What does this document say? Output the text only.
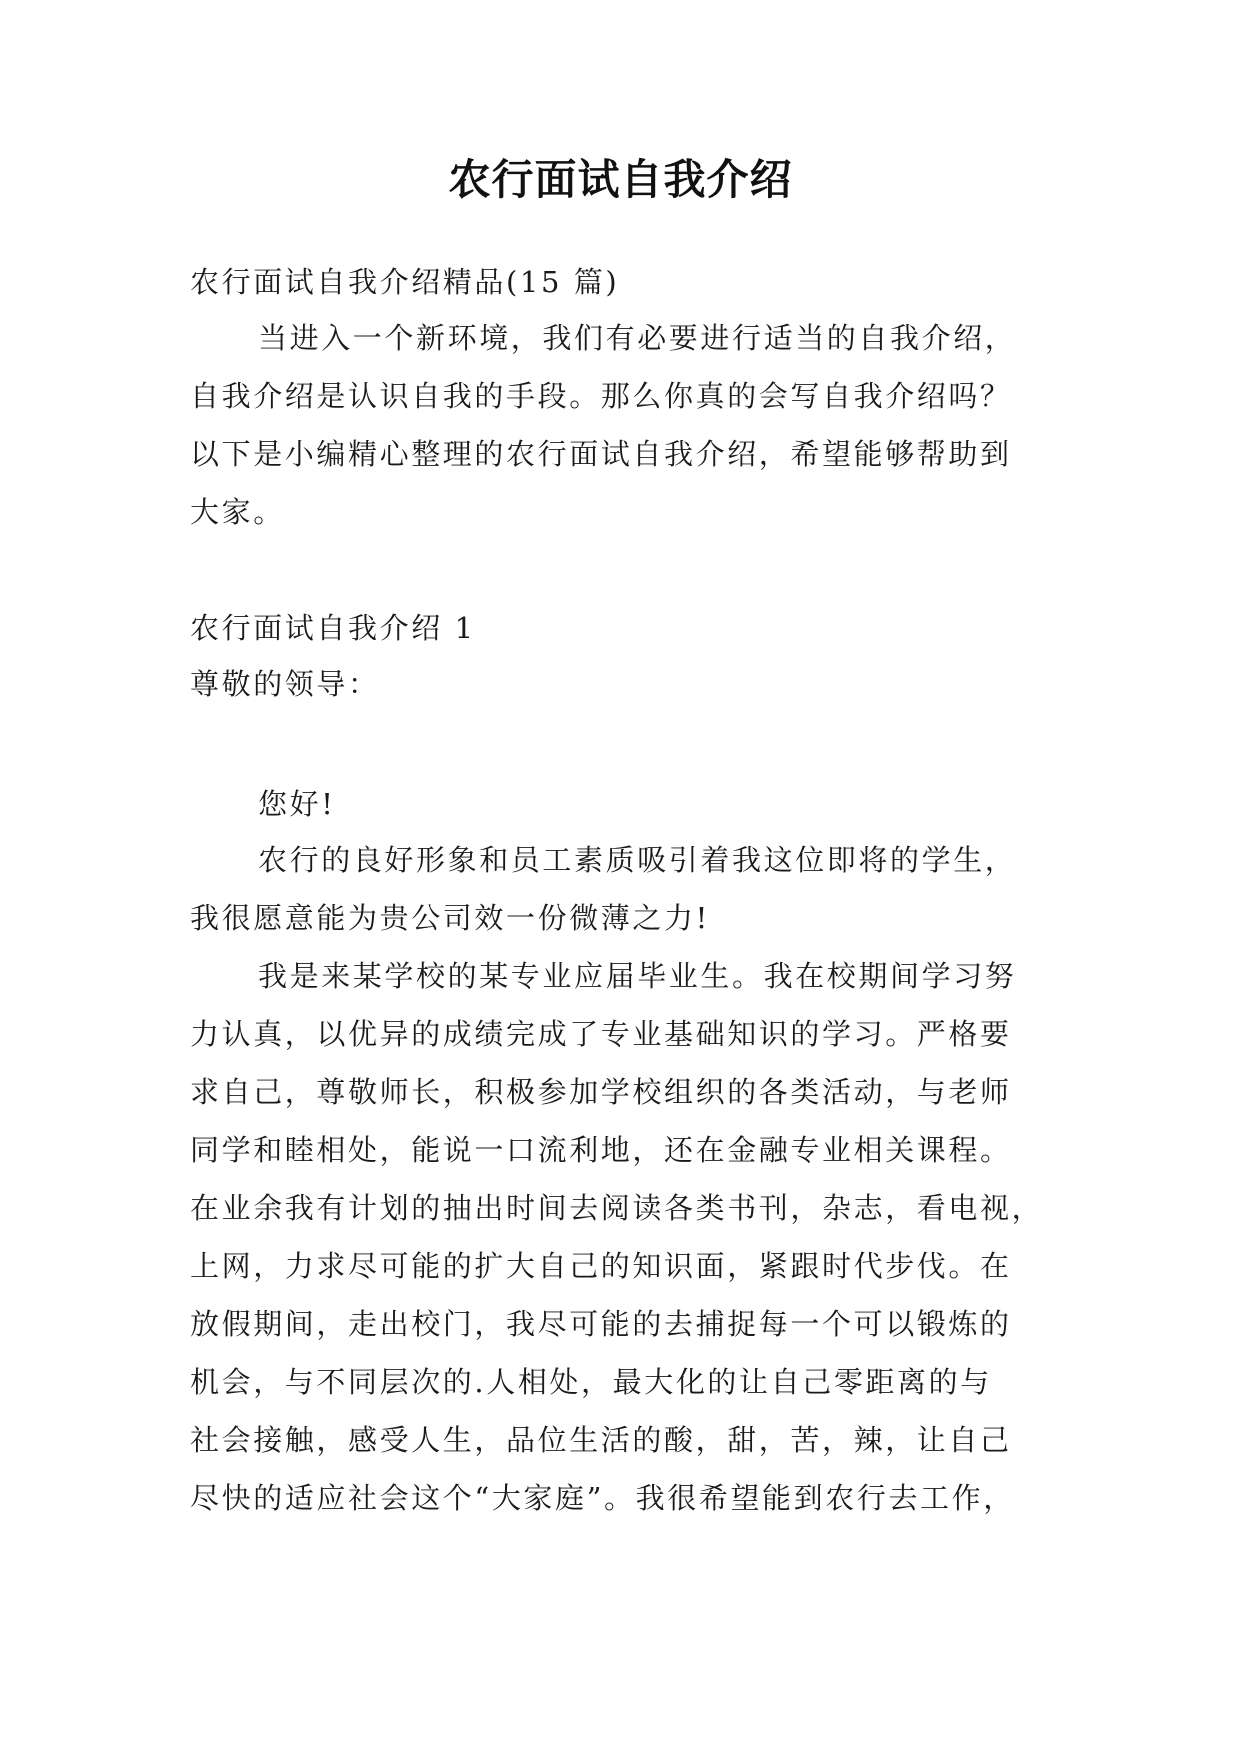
农行面试自我介绍
农行面试自我介绍精品(15 篇)
当进入一个新环境，我们有必要进行适当的自我介绍，
自我介绍是认识自我的手段。那么你真的会写自我介绍吗？
以下是小编精心整理的农行面试自我介绍，希望能够帮助到
大家。
农行面试自我介绍 1
尊敬的领导：
您好!
农行的良好形象和员工素质吸引着我这位即将的学生，
我很愿意能为贵公司效一份微薄之力!
我是来某学校的某专业应届毕业生。我在校期间学习努
力认真，以优异的成绩完成了专业基础知识的学习。严格要
求自己，尊敬师长，积极参加学校组织的各类活动，与老师
同学和睦相处，能说一口流利地，还在金融专业相关课程。
在业余我有计划的抽出时间去阅读各类书刊，杂志，看电视，
上网，力求尽可能的扩大自己的知识面，紧跟时代步伐。在
放假期间，走出校门，我尽可能的去捕捉每一个可以锻炼的
机会，与不同层次的.人相处，最大化的让自己零距离的与
社会接触，感受人生，品位生活的酸，甜，苦，辣，让自己
尽快的适应社会这个“大家庭”。我很希望能到农行去工作，
